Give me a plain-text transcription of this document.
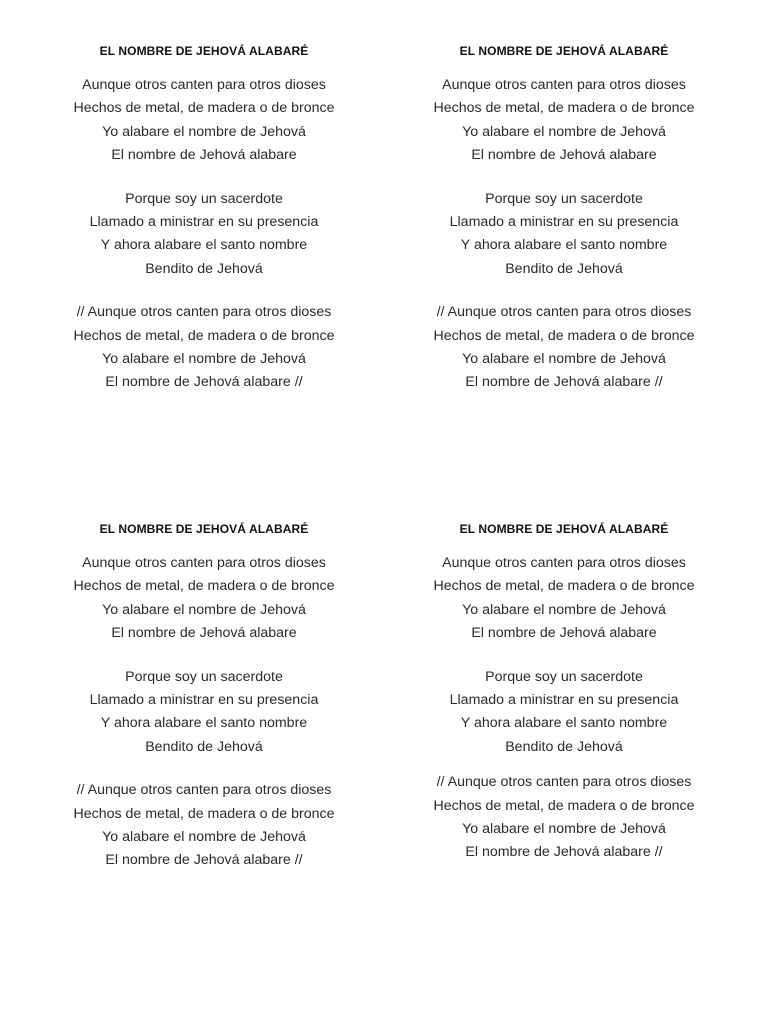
EL NOMBRE DE JEHOVÁ ALABARÉ
Aunque otros canten para otros dioses
Hechos de metal, de madera o de bronce
Yo alabare el nombre de Jehová
El nombre de Jehová alabare
Porque soy un sacerdote
Llamado a ministrar en su presencia
Y ahora alabare el santo nombre
Bendito de Jehová
// Aunque otros canten para otros dioses
Hechos de metal, de madera o de bronce
Yo alabare el nombre de Jehová
El nombre de Jehová alabare //
EL NOMBRE DE JEHOVÁ ALABARÉ
Aunque otros canten para otros dioses
Hechos de metal, de madera o de bronce
Yo alabare el nombre de Jehová
El nombre de Jehová alabare
Porque soy un sacerdote
Llamado a ministrar en su presencia
Y ahora alabare el santo nombre
Bendito de Jehová
// Aunque otros canten para otros dioses
Hechos de metal, de madera o de bronce
Yo alabare el nombre de Jehová
El nombre de Jehová alabare //
EL NOMBRE DE JEHOVÁ ALABARÉ
Aunque otros canten para otros dioses
Hechos de metal, de madera o de bronce
Yo alabare el nombre de Jehová
El nombre de Jehová alabare
Porque soy un sacerdote
Llamado a ministrar en su presencia
Y ahora alabare el santo nombre
Bendito de Jehová
// Aunque otros canten para otros dioses
Hechos de metal, de madera o de bronce
Yo alabare el nombre de Jehová
El nombre de Jehová alabare //
EL NOMBRE DE JEHOVÁ ALABARÉ
Aunque otros canten para otros dioses
Hechos de metal, de madera o de bronce
Yo alabare el nombre de Jehová
El nombre de Jehová alabare
Porque soy un sacerdote
Llamado a ministrar en su presencia
Y ahora alabare el santo nombre
Bendito de Jehová
// Aunque otros canten para otros dioses
Hechos de metal, de madera o de bronce
Yo alabare el nombre de Jehová
El nombre de Jehová alabare //
